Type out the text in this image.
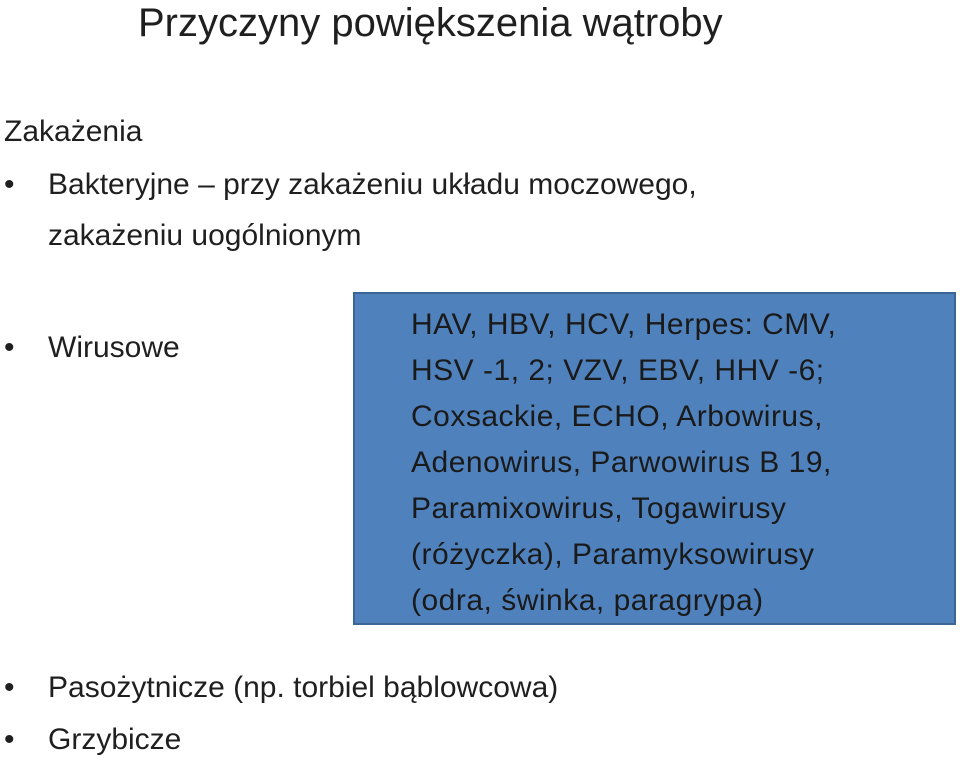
Przyczyny powiększenia wątroby
Zakażenia
• Bakteryjne – przy zakażeniu układu moczowego,
zakażeniu uogólnionym
• Wirusowe
HAV, HBV, HCV, Herpes: CMV,
HSV -1, 2; VZV, EBV, HHV -6;
Coxsackie, ECHO, Arbowirus,
Adenowirus, Parwowirus B 19,
Paramixowirus, Togawirusy
(różyczka), Paramyksowirusy
(odra, świnka, paragrypa)
• Pasożytnicze (np. torbiel bąblowcowa)
• Grzybicze
